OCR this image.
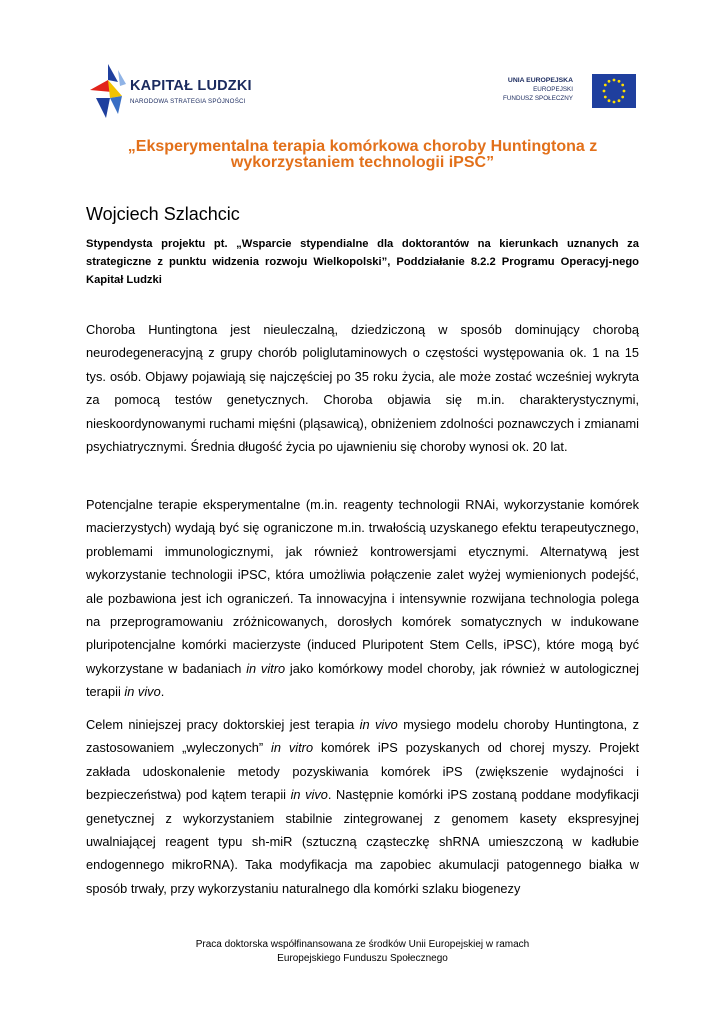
KAPITAŁ LUDZKI
NARODOWA STRATEGIA SPÓJNOŚCI
UNIA EUROPEJSKA
EUROPEJSKI
FUNDUSZ SPOŁECZNY
„Eksperymentalna terapia komórkowa choroby Huntingtona z wykorzystaniem technologii iPSC”
Wojciech Szlachcic

Stypendysta projektu pt. „Wsparcie stypendialne dla doktorantów na kierunkach uznanych za strategiczne z punktu widzenia rozwoju Wielkopolski”, Poddziałanie 8.2.2 Programu Operacyj-nego Kapitał Ludzki

Choroba Huntingtona jest nieuleczalną, dziedziczoną w sposób dominujący chorobą neurodegeneracyjną z grupy chorób poliglutaminowych o częstości występowania ok. 1 na 15 tys. osób. Objawy pojawiają się najczęściej po 35 roku życia, ale może zostać wcześniej wykryta za pomocą testów genetycznych. Choroba objawia się m.in. charakterystycznymi, nieskoordynowanymi ruchami mięśni (pląsawicą), obniżeniem zdolności poznawczych i zmianami psychiatrycznymi. Średnia długość życia po ujawnieniu się choroby wynosi ok. 20 lat.

Potencjalne terapie eksperymentalne (m.in. reagenty technologii RNAi, wykorzystanie komórek macierzystych) wydają być się ograniczone m.in. trwałością uzyskanego efektu terapeutycznego, problemami immunologicznymi, jak również kontrowersjami etycznymi. Alternatywą jest wykorzystanie technologii iPSC, która umożliwia połączenie zalet wyżej wymienionych podejść, ale pozbawiona jest ich ograniczeń. Ta innowacyjna i intensywnie rozwijana technologia polega na przeprogramowaniu zróżnicowanych, dorosłych komórek somatycznych w indukowane pluripotencjalne komórki macierzyste (induced Pluripotent Stem Cells, iPSC), które mogą być wykorzystane w badaniach in vitro jako komórkowy model choroby, jak również w autologicznej terapii in vivo.

Celem niniejszej pracy doktorskiej jest terapia in vivo mysiego modelu choroby Huntingtona, z zastosowaniem „wyleczonych” in vitro komórek iPS pozyskanych od chorej myszy. Projekt zakłada udoskonalenie metody pozyskiwania komórek iPS (zwiększenie wydajności i bezpieczeństwa) pod kątem terapii in vivo. Następnie komórki iPS zostaną poddane modyfikacji genetycznej z wykorzystaniem stabilnie zintegrowanej z genomem kasety ekspresyjnej uwalniającej reagent typu sh-miR (sztuczną cząsteczkę shRNA umieszczoną w kadłubie endogennego mikroRNA). Taka modyfikacja ma zapobiec akumulacji patogennego białka w sposób trwały, przy wykorzystaniu naturalnego dla komórki szlaku biogenezy

Praca doktorska współfinansowana ze środków Unii Europejskiej w ramach
Europejskiego Funduszu Społecznego
